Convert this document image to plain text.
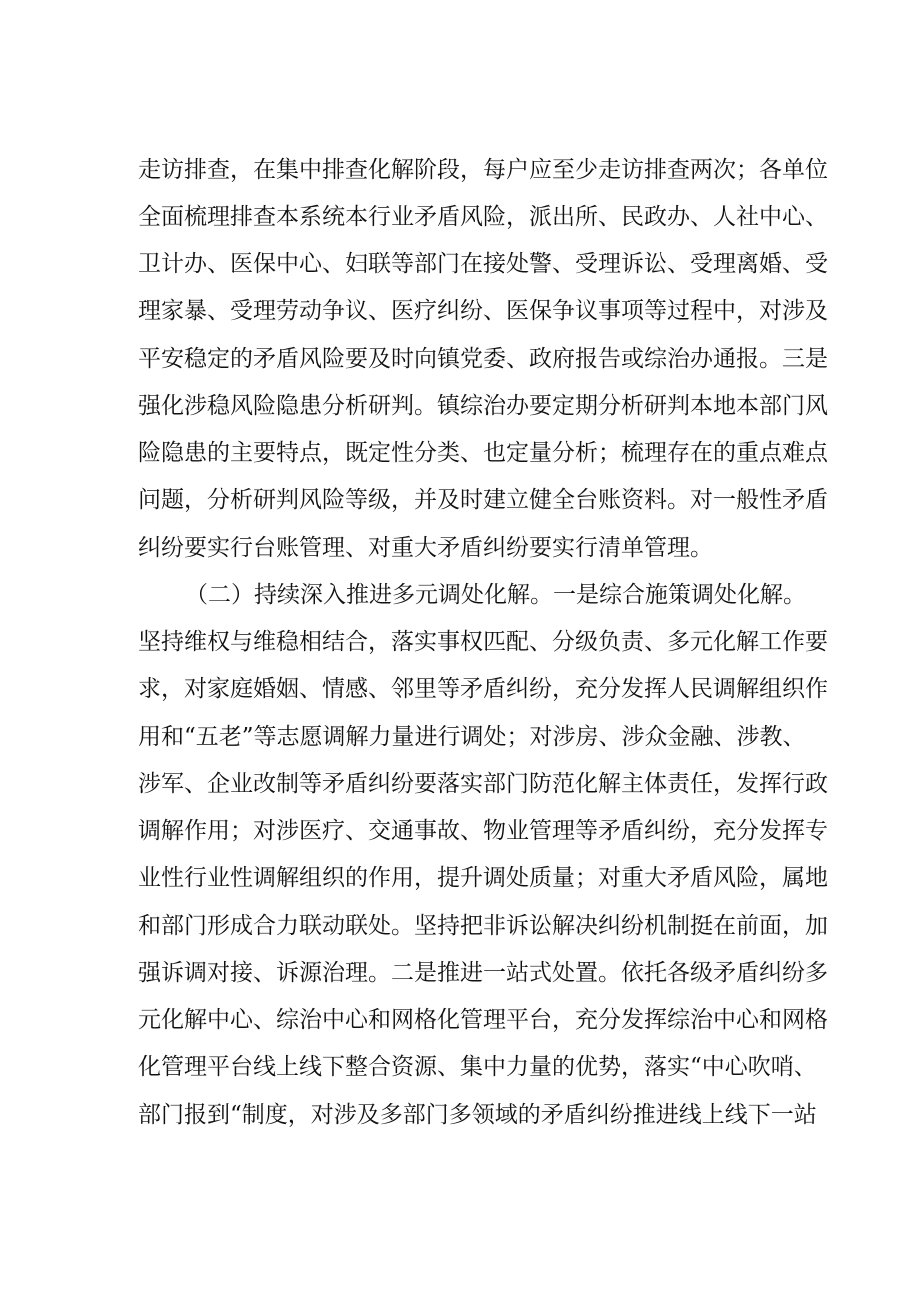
走访排查，在集中排查化解阶段，每户应至少走访排查两次；各单位
全面梳理排查本系统本行业矛盾风险，派出所、民政办、人社中心、
卫计办、医保中心、妇联等部门在接处警、受理诉讼、受理离婚、受
理家暴、受理劳动争议、医疗纠纷、医保争议事项等过程中，对涉及
平安稳定的矛盾风险要及时向镇党委、政府报告或综治办通报。三是
强化涉稳风险隐患分析研判。镇综治办要定期分析研判本地本部门风
险隐患的主要特点，既定性分类、也定量分析；梳理存在的重点难点
问题，分析研判风险等级，并及时建立健全台账资料。对一般性矛盾
纠纷要实行台账管理、对重大矛盾纠纷要实行清单管理。
（二）持续深入推进多元调处化解。一是综合施策调处化解。
坚持维权与维稳相结合，落实事权匹配、分级负责、多元化解工作要
求，对家庭婚姻、情感、邻里等矛盾纠纷，充分发挥人民调解组织作
用和“五老”等志愿调解力量进行调处；对涉房、涉众金融、涉教、
涉军、企业改制等矛盾纠纷要落实部门防范化解主体责任，发挥行政
调解作用；对涉医疗、交通事故、物业管理等矛盾纠纷，充分发挥专
业性行业性调解组织的作用，提升调处质量；对重大矛盾风险，属地
和部门形成合力联动联处。坚持把非诉讼解决纠纷机制挺在前面，加
强诉调对接、诉源治理。二是推进一站式处置。依托各级矛盾纠纷多
元化解中心、综治中心和网格化管理平台，充分发挥综治中心和网格
化管理平台线上线下整合资源、集中力量的优势，落实“中心吹哨、
部门报到“制度，对涉及多部门多领域的矛盾纠纷推进线上线下一站
